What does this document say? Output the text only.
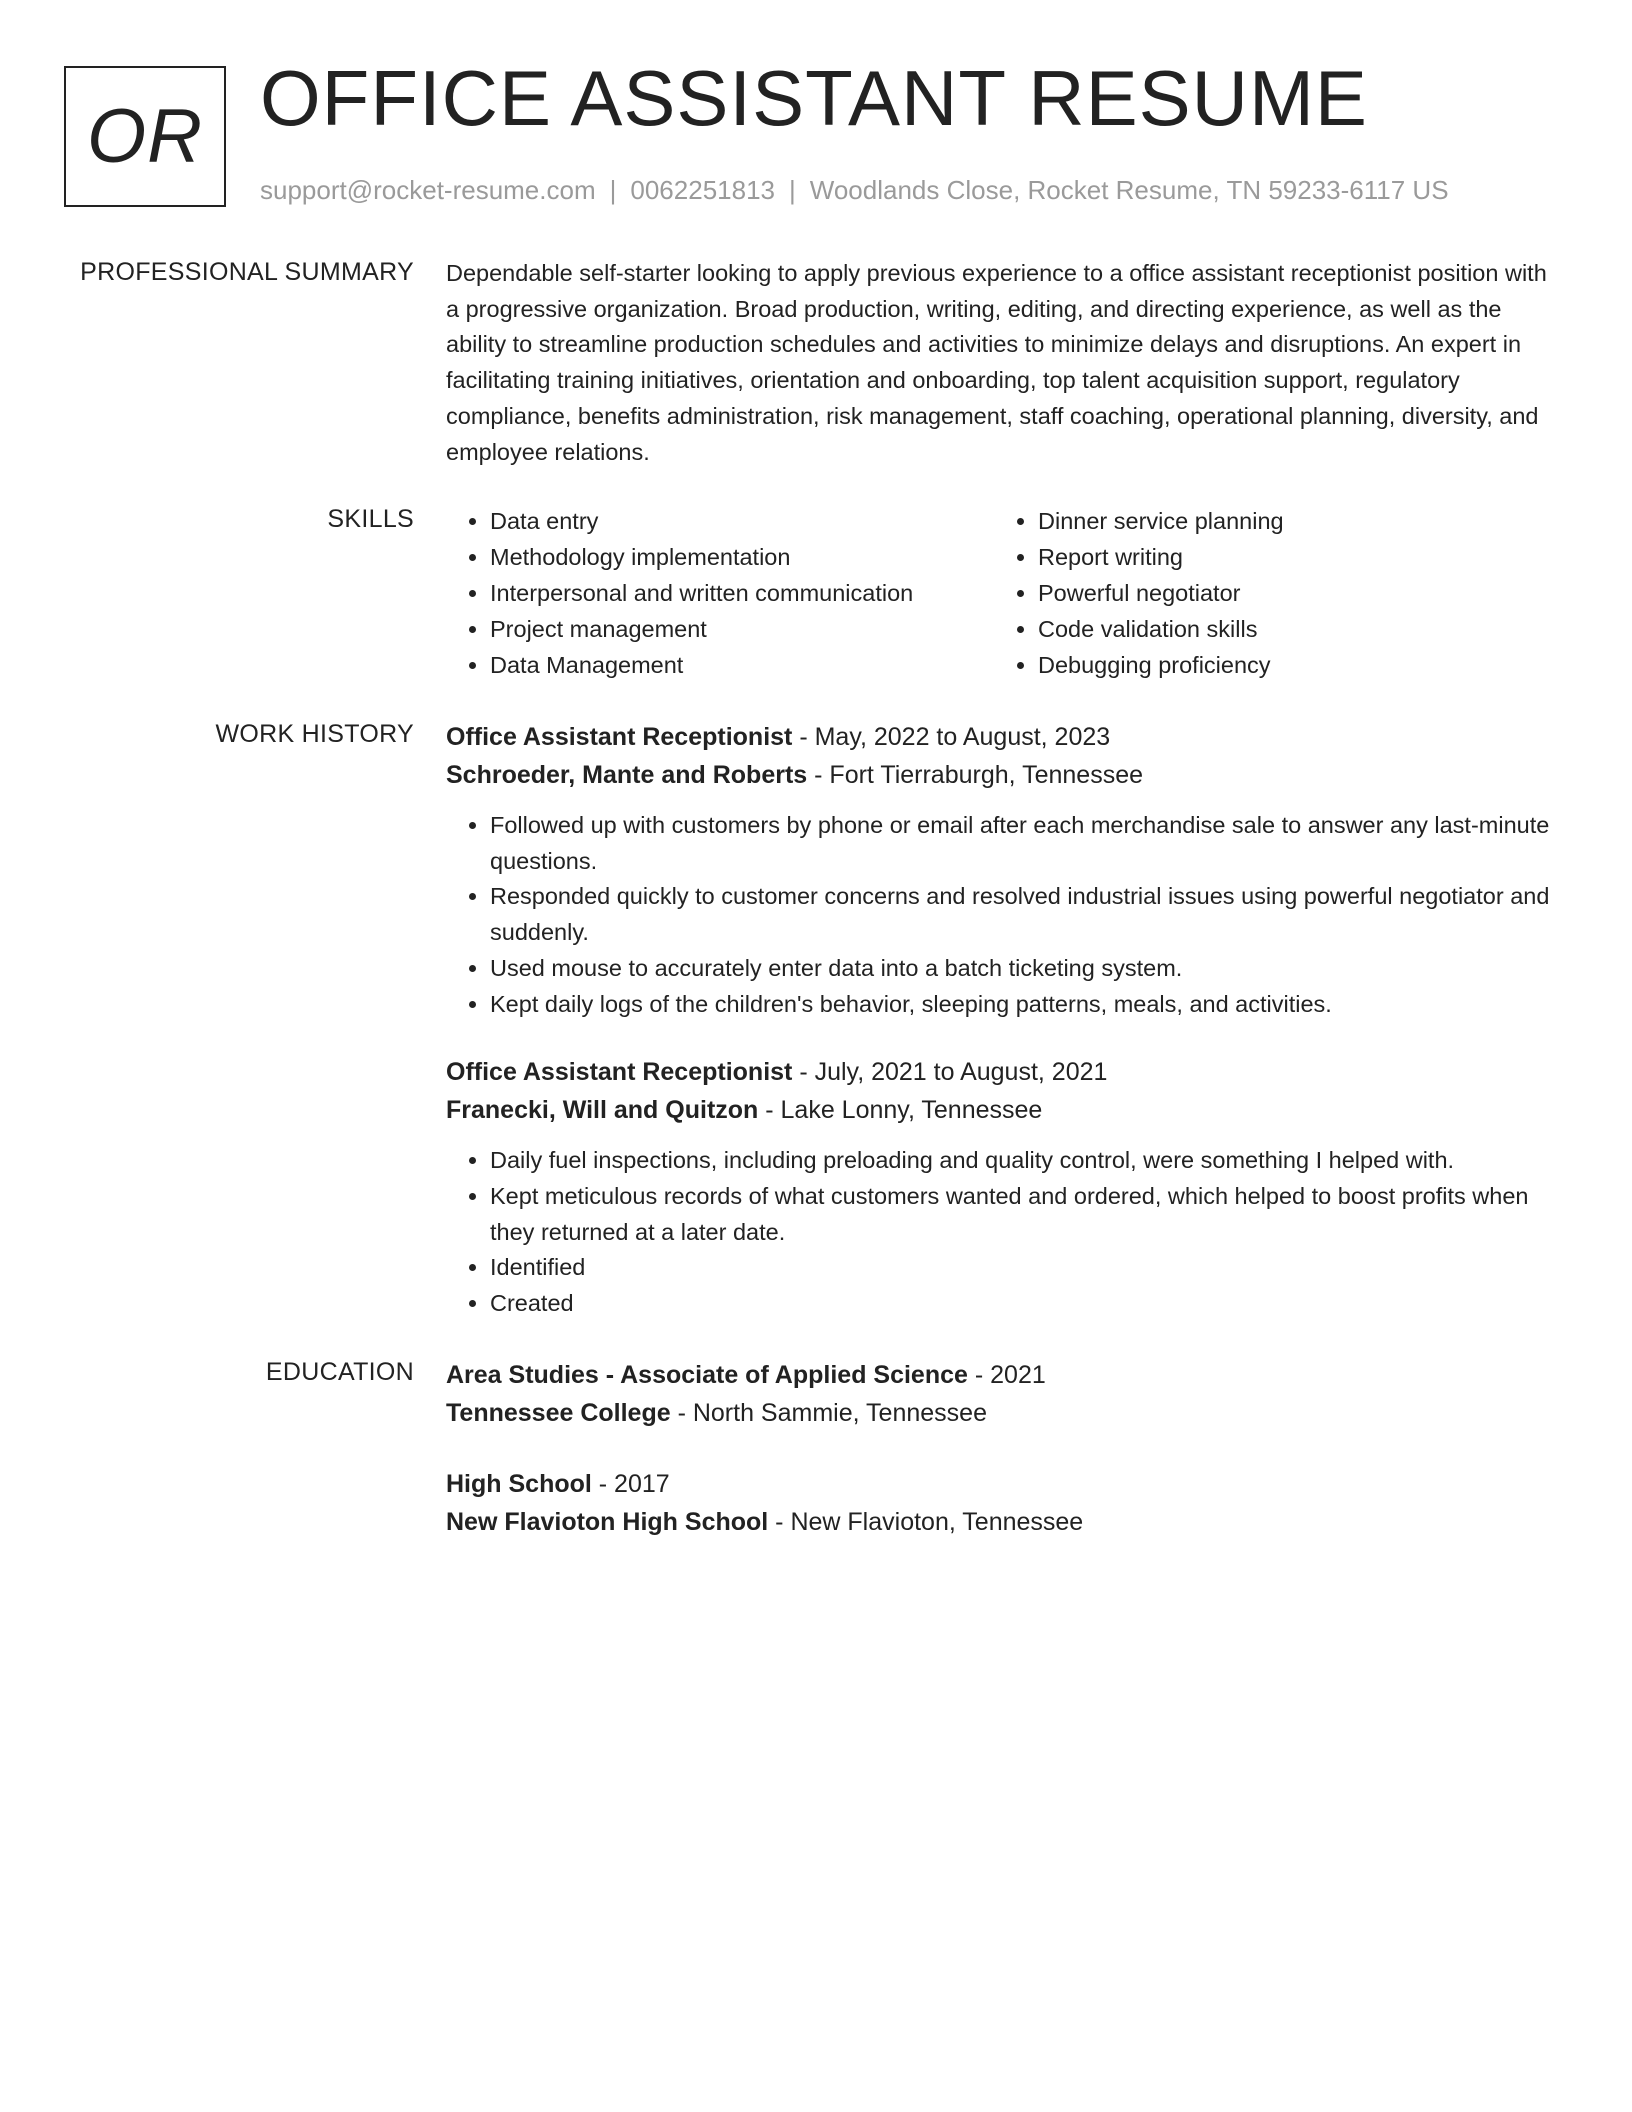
OR OFFICE ASSISTANT RESUME
support@rocket-resume.com | 0062251813 | Woodlands Close, Rocket Resume, TN 59233-6117 US
PROFESSIONAL SUMMARY Dependable self-starter looking to apply previous experience to a office assistant receptionist position with a progressive organization. Broad production, writing, editing, and directing experience, as well as the ability to streamline production schedules and activities to minimize delays and disruptions. An expert in facilitating training initiatives, orientation and onboarding, top talent acquisition support, regulatory compliance, benefits administration, risk management, staff coaching, operational planning, diversity, and employee relations.

SKILLS
•	Data entry
• Methodology implementation
• Interpersonal and written communication
• Project management
• Data Management
• Dinner service planning
• Report writing
• Powerful negotiator
• Code validation skills
• Debugging proficiency
WORK HISTORY Office Assistant Receptionist - May, 2022 to August, 2023
Schroeder, Mante and Roberts - Fort Tierraburgh, Tennessee
• Followed up with customers by phone or email after each merchandise sale to answer any last-minute questions.
• Responded quickly to customer concerns and resolved industrial issues using powerful negotiator and suddenly.
• Used mouse to accurately enter data into a batch ticketing system.
• Kept daily logs of the children's behavior, sleeping patterns, meals, and activities.
Office Assistant Receptionist - July, 2021 to August, 2021
Franecki, Will and Quitzon - Lake Lonny, Tennessee
• Daily fuel inspections, including preloading and quality control, were something I helped with.
• Kept meticulous records of what customers wanted and ordered, which helped to boost profits when they returned at a later date.
• Identified
• Created
EDUCATION Area Studies - Associate of Applied Science - 2021
Tennessee College - North Sammie, Tennessee
High School - 2017
New Flavioton High School - New Flavioton, Tennessee
